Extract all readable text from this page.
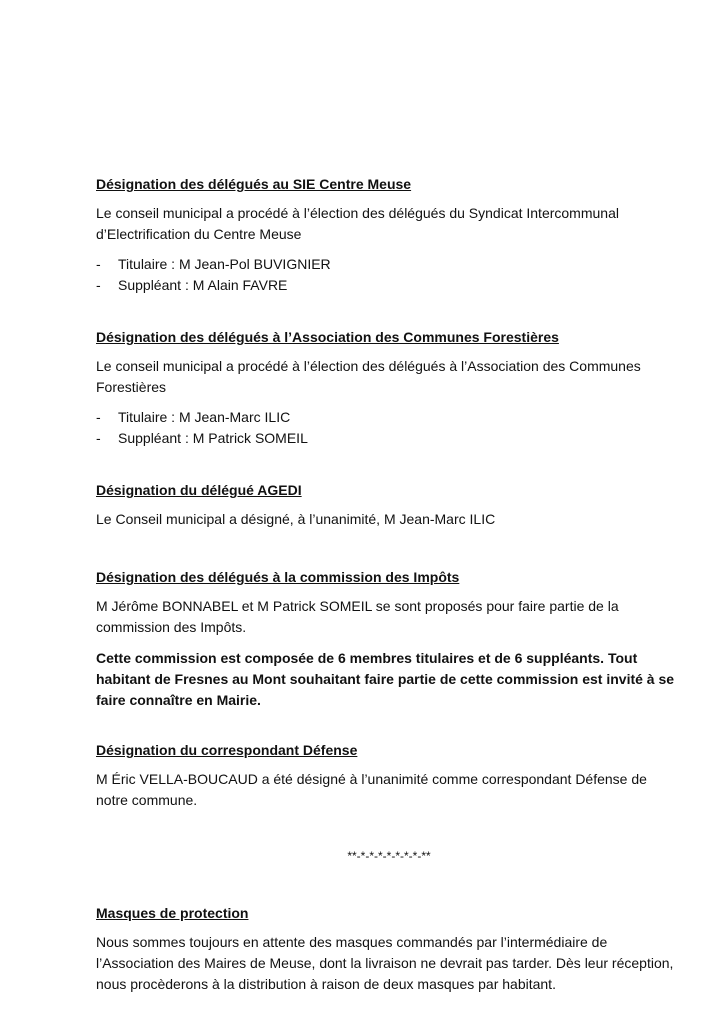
Désignation des délégués au SIE Centre Meuse

Le conseil municipal a procédé à l’élection des délégués du Syndicat Intercommunal d’Electrification du Centre Meuse

- Titulaire : M Jean-Pol BUVIGNIER
- Suppléant : M Alain FAVRE
Désignation des délégués à l’Association des Communes Forestières

Le conseil municipal a procédé à l’élection des délégués à l’Association des Communes Forestières

- Titulaire : M Jean-Marc ILIC
- Suppléant : M Patrick SOMEIL
Désignation du délégué AGEDI

Le Conseil municipal a désigné, à l’unanimité, M Jean-Marc ILIC

Désignation des délégués à la commission des Impôts

M Jérôme BONNABEL et M Patrick SOMEIL se sont proposés pour faire partie de la commission des Impôts.

Cette commission est composée de 6 membres titulaires et de 6 suppléants. Tout habitant de Fresnes au Mont souhaitant faire partie de cette commission est invité à se faire connaître en Mairie.

Désignation du correspondant Défense

M Éric VELLA-BOUCAUD a été désigné à l’unanimité comme correspondant Défense de notre commune.

**-*-*-*-*-*-*-*-**
Masques de protection

Nous sommes toujours en attente des masques commandés par l’intermédiaire de l’Association des Maires de Meuse, dont la livraison ne devrait pas tarder. Dès leur réception, nous procèderons à la distribution à raison de deux masques par habitant.
